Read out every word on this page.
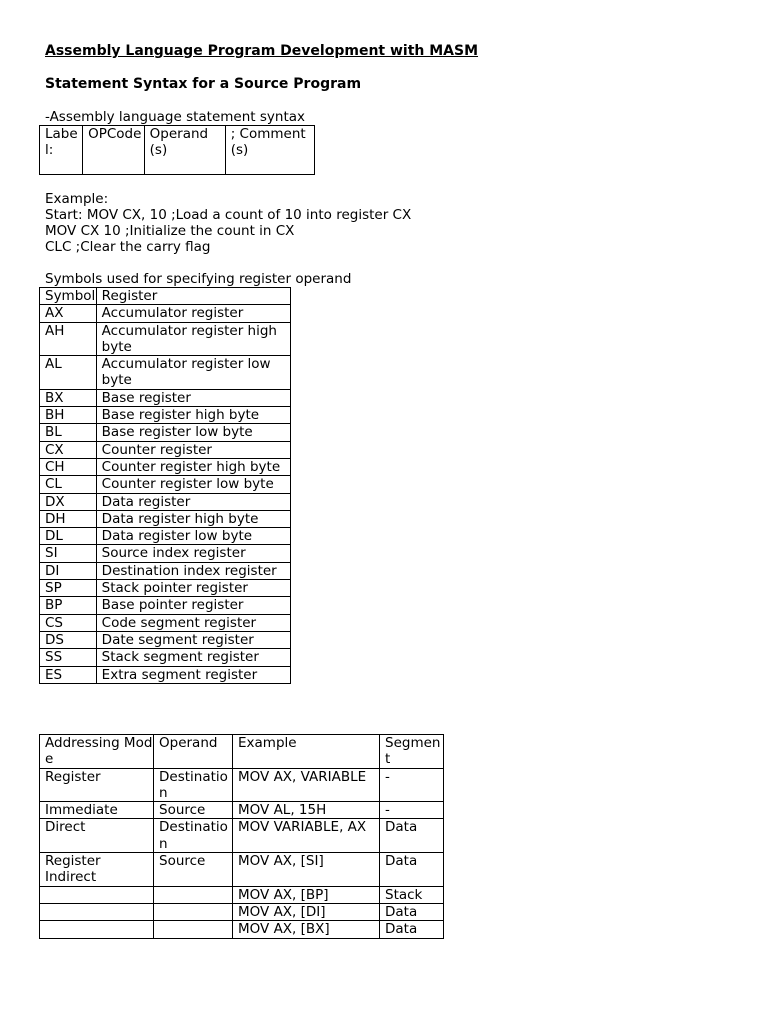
Assembly Language Program Development with MASM
Statement Syntax for a Source Program
-Assembly language statement syntax
Label:	OPCode	Operand(s)	; Comment(s)
Example:
Start: MOV CX, 10 ;Load a count of 10 into register CX
MOV CX 10 ;Initialize the count in CX
CLC ;Clear the carry flag
Symbols used for specifying register operand
Symbol	Register
AX	Accumulator register
AH	Accumulator register high byte
AL	Accumulator register low byte
BX	Base register
BH	Base register high byte
BL	Base register low byte
CX	Counter register
CH	Counter register high byte
CL	Counter register low byte
DX	Data register
DH	Data register high byte
DL	Data register low byte
SI	Source index register
DI	Destination index register
SP	Stack pointer register
BP	Base pointer register
CS	Code segment register
DS	Date segment register
SS	Stack segment register
ES	Extra segment register
Addressing Mode	Operand	Example	Segment
Register	Destination	MOV AX, VARIABLE	-
Immediate	Source	MOV AL, 15H	-
Direct	Destination	MOV VARIABLE, AX	Data
Register Indirect	Source	MOV AX, [SI]	Data
		MOV AX, [BP]	Stack
		MOV AX, [DI]	Data
		MOV AX, [BX]	Data
